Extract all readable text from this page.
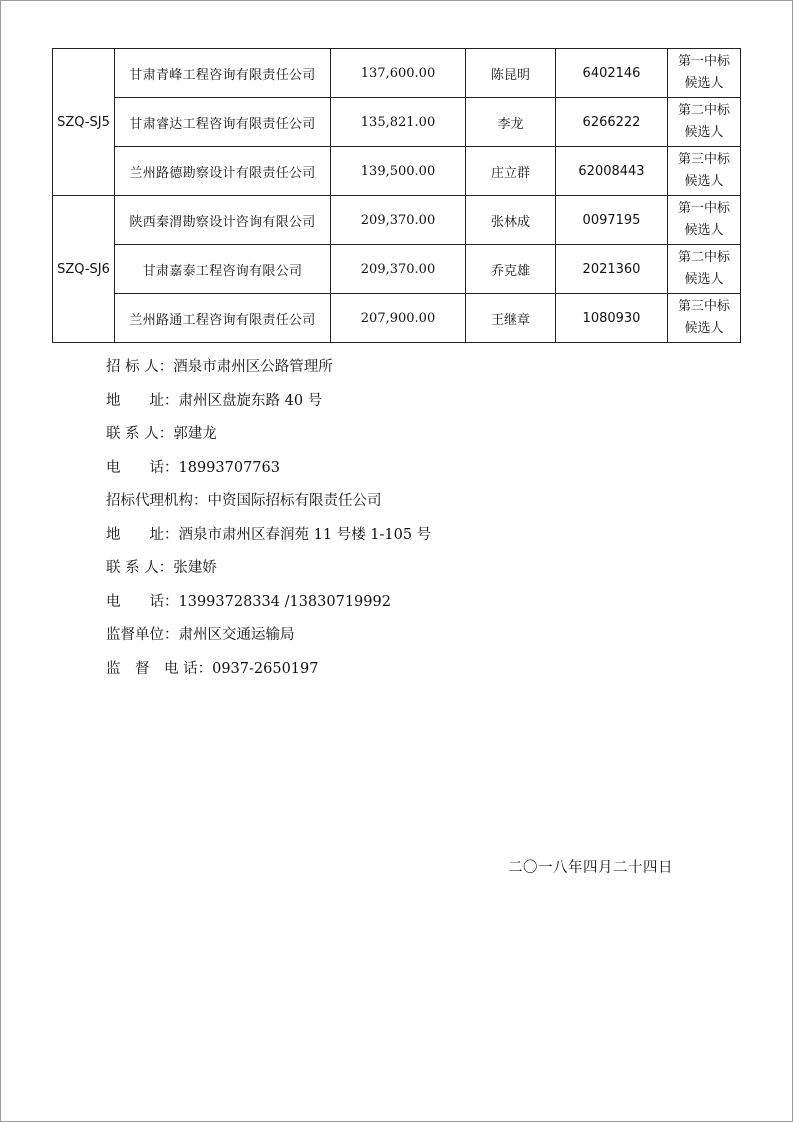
SZQ-SJ5	甘肃青峰工程咨询有限责任公司	137,600.00	陈昆明	6402146	第一中标
候选人

	甘肃睿达工程咨询有限责任公司	135,821.00	李龙	6266222	第二中标
候选人

	兰州路德勘察设计有限责任公司	139,500.00	庄立群	62008443	第三中标
候选人

SZQ-SJ6	陕西秦渭勘察设计咨询有限公司	209,370.00	张林成	0097195	第一中标
候选人

	甘肃嘉泰工程咨询有限公司	209,370.00	乔克雄	2021360	第二中标
候选人

	兰州路通工程咨询有限责任公司	207,900.00	王继章	1080930	第三中标
候选人
招 标 人：酒泉市肃州区公路管理所
地　　址：肃州区盘旋东路 40 号
联 系 人：郭建龙
电　　话：18993707763
招标代理机构：中资国际招标有限责任公司
地　　址：酒泉市肃州区春润苑 11 号楼 1-105 号
联 系 人：张建娇
电　　话：13993728334 /13830719992
监督单位：肃州区交通运输局
监　督　电 话：0937-2650197
二〇一八年四月二十四日
